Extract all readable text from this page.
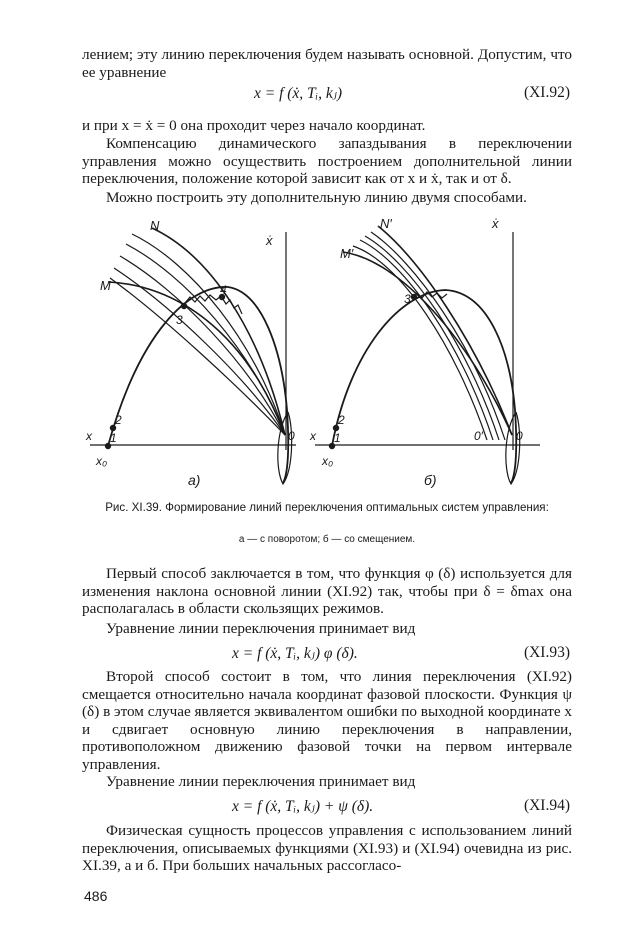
лением; эту линию переключения будем называть основной. Допустим, что ее уравнение

x = f (ẋ, Tᵢ, kⱼ)	(XI.92)

и при x = ẋ = 0 она проходит через начало координат.

Компенсацию динамического запаздывания в переключении управления можно осуществить построением дополнительной линии переключения, положение которой зависит как от x и ẋ, так и от δ.

Можно построить эту дополнительную линию двумя способами.

N
M
ẋ
x
x₀
1
2
3
4
0
а)
N′
M′
ẋ
x
x₀
1
2
3
0
0′
б)
Рис. XI.39. Формирование линий переключения оптимальных систем управления:
а — с поворотом; б — со смещением.

Первый способ заключается в том, что функция φ (δ) используется для изменения наклона основной линии (XI.92) так, чтобы при δ = δmax она располагалась в области скользящих режимов.

Уравнение линии переключения принимает вид

x = f (ẋ, Tᵢ, kⱼ) φ (δ).	(XI.93)

Второй способ состоит в том, что линия переключения (XI.92) смещается относительно начала координат фазовой плоскости. Функция ψ (δ) в этом случае является эквивалентом ошибки по выходной координате x и сдвигает основную линию переключения в направлении, противоположном движению фазовой точки на первом интервале управления.

Уравнение линии переключения принимает вид

x = f (ẋ, Tᵢ, kⱼ) + ψ (δ).	(XI.94)

Физическая сущность процессов управления с использованием линий переключения, описываемых функциями (XI.93) и (XI.94) очевидна из рис. XI.39, а и б. При больших начальных рассогласо-

486
